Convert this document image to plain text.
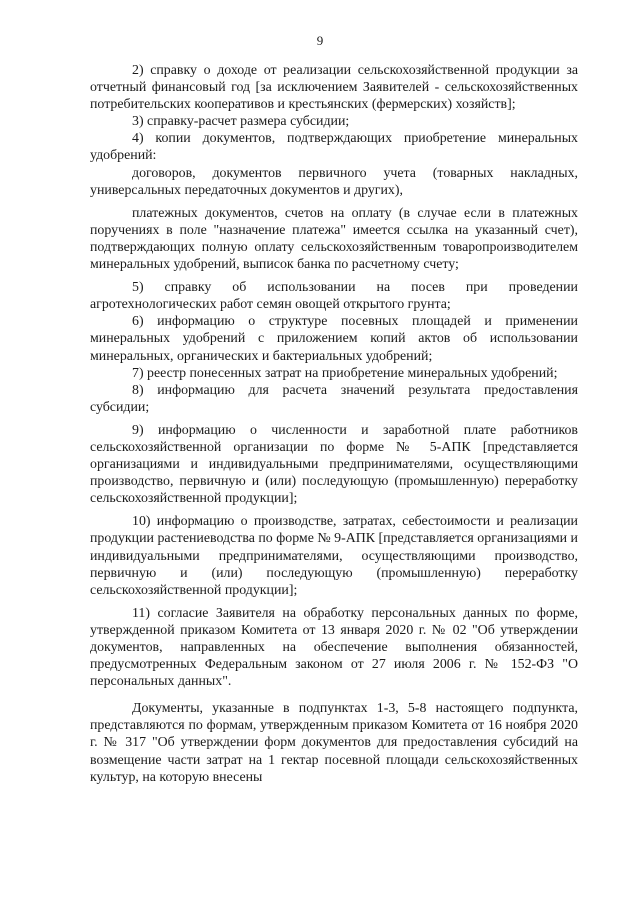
9

2) справку о доходе от реализации сельскохозяйственной продукции за отчетный финансовый год [за исключением Заявителей - сельскохозяйственных потребительских кооперативов и крестьянских (фермерских) хозяйств];

3) справку-расчет размера субсидии;

4) копии документов, подтверждающих приобретение минеральных удобрений:

договоров, документов первичного учета (товарных накладных, универсальных передаточных документов и других),

платежных документов, счетов на оплату (в случае если в платежных поручениях в поле "назначение платежа" имеется ссылка на указанный счет), подтверждающих полную оплату сельскохозяйственным товаропроизводителем минеральных удобрений, выписок банка по расчетному счету;

5) справку об использовании на посев при проведении агротехнологических работ семян овощей открытого грунта;

6) информацию о структуре посевных площадей и применении минеральных удобрений с приложением копий актов об использовании минеральных, органических и бактериальных удобрений;

7) реестр понесенных затрат на приобретение минеральных удобрений;

8) информацию для расчета значений результата предоставления субсидии;

9) информацию о численности и заработной плате работников сельскохозяйственной организации по форме № 5-АПК [представляется организациями и индивидуальными предпринимателями, осуществляющими производство, первичную и (или) последующую (промышленную) переработку сельскохозяйственной продукции];

10) информацию о производстве, затратах, себестоимости и реализации продукции растениеводства по форме № 9-АПК [представляется организациями и индивидуальными предпринимателями, осуществляющими производство, первичную и (или) последующую (промышленную) переработку сельскохозяйственной продукции];

11) согласие Заявителя на обработку персональных данных по форме, утвержденной приказом Комитета от 13 января 2020 г. № 02 "Об утверждении документов, направленных на обеспечение выполнения обязанностей, предусмотренных Федеральным законом от 27 июля 2006 г. № 152-ФЗ "О персональных данных".

Документы, указанные в подпунктах 1-3, 5-8 настоящего подпункта, представляются по формам, утвержденным приказом Комитета от 16 ноября 2020 г. № 317 "Об утверждении форм документов для предоставления субсидий на возмещение части затрат на 1 гектар посевной площади сельскохозяйственных культур, на которую внесены
